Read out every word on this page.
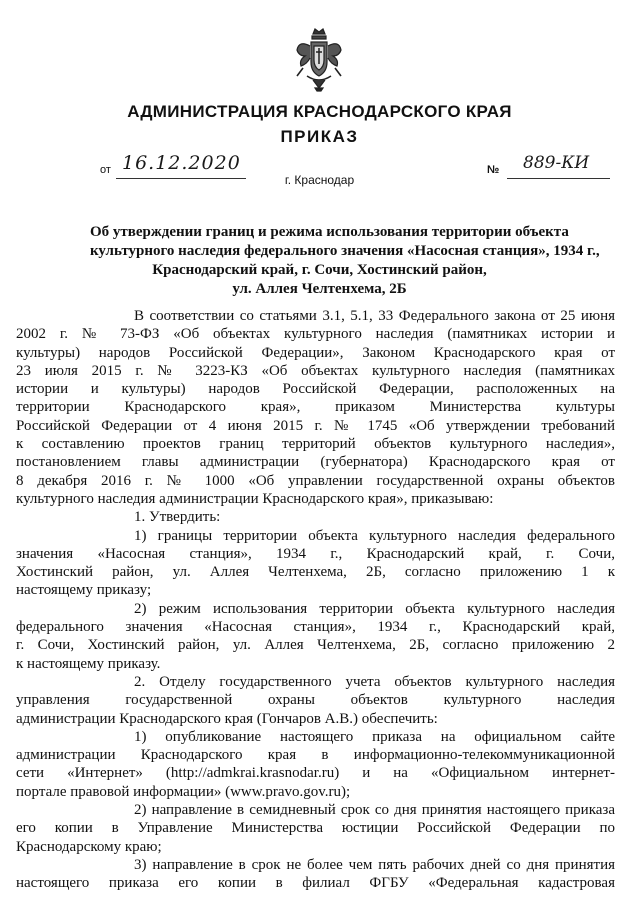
АДМИНИСТРАЦИЯ КРАСНОДАРСКОГО КРАЯ
ПРИКАЗ
от 16.12.2020	№ 889-КИ
г. Краснодар
Об утверждении границ и режима использования территории объекта
культурного наследия федерального значения «Насосная станция», 1934 г.,
Краснодарский край, г. Сочи, Хостинский район,
ул. Аллея Челтенхема, 2Б
В соответствии со статьями 3.1, 5.1, 33 Федерального закона от 25 июня
2002 г. № 73-ФЗ «Об объектах культурного наследия (памятниках истории и
культуры) народов Российской Федерации», Законом Краснодарского края от
23 июля 2015 г. № 3223-КЗ «Об объектах культурного наследия (памятниках
истории и культуры) народов Российской Федерации, расположенных на
территории Краснодарского края», приказом Министерства культуры
Российской Федерации от 4 июня 2015 г. № 1745 «Об утверждении требований
к составлению проектов границ территорий объектов культурного наследия»,
постановлением главы администрации (губернатора) Краснодарского края от
8 декабря 2016 г. № 1000 «Об управлении государственной охраны объектов
культурного наследия администрации Краснодарского края», приказываю:
1. Утвердить:
1) границы территории объекта культурного наследия федерального
значения «Насосная станция», 1934 г., Краснодарский край, г. Сочи,
Хостинский район, ул. Аллея Челтенхема, 2Б, согласно приложению 1 к
настоящему приказу;
2) режим использования территории объекта культурного наследия
федерального значения «Насосная станция», 1934 г., Краснодарский край,
г. Сочи, Хостинский район, ул. Аллея Челтенхема, 2Б, согласно приложению 2
к настоящему приказу.
2. Отделу государственного учета объектов культурного наследия
управления государственной охраны объектов культурного наследия
администрации Краснодарского края (Гончаров А.В.) обеспечить:
1) опубликование настоящего приказа на официальном сайте
администрации Краснодарского края в информационно-телекоммуникационной
сети «Интернет» (http://admkrai.krasnodar.ru) и на «Официальном интернет-
портале правовой информации» (www.pravo.gov.ru);
2) направление в семидневный срок со дня принятия настоящего приказа
его копии в Управление Министерства юстиции Российской Федерации по
Краснодарскому краю;
3) направление в срок не более чем пять рабочих дней со дня принятия
настоящего приказа его копии в филиал ФГБУ «Федеральная кадастровая
